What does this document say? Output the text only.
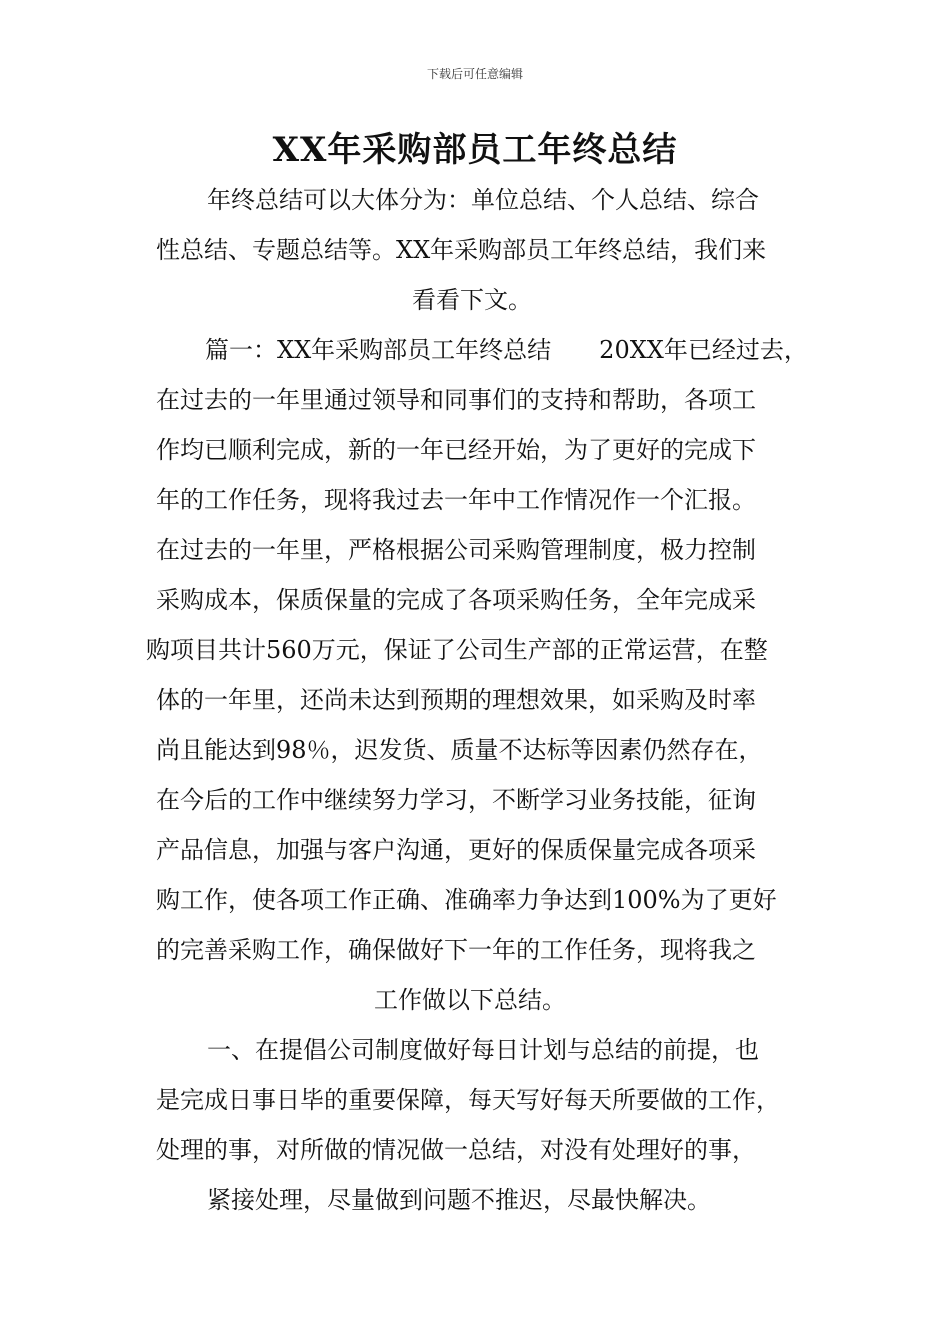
下载后可任意编辑
XX年采购部员工年终总结
年终总结可以大体分为：单位总结、个人总结、综合
性总结、专题总结等。XX年采购部员工年终总结，我们来
看看下文。
篇一：XX年采购部员工年终总结　　20XX年已经过去，
在过去的一年里通过领导和同事们的支持和帮助，各项工
作均已顺利完成，新的一年已经开始，为了更好的完成下
年的工作任务，现将我过去一年中工作情况作一个汇报。
在过去的一年里，严格根据公司采购管理制度，极力控制
采购成本，保质保量的完成了各项采购任务，全年完成采
购项目共计560万元，保证了公司生产部的正常运营，在整
体的一年里，还尚未达到预期的理想效果，如采购及时率
尚且能达到98％，迟发货、质量不达标等因素仍然存在，
在今后的工作中继续努力学习，不断学习业务技能，征询
产品信息，加强与客户沟通，更好的保质保量完成各项采
购工作，使各项工作正确、准确率力争达到100%为了更好
的完善采购工作，确保做好下一年的工作任务，现将我之
工作做以下总结。
一、在提倡公司制度做好每日计划与总结的前提，也
是完成日事日毕的重要保障，每天写好每天所要做的工作，
处理的事，对所做的情况做一总结，对没有处理好的事，
紧接处理，尽量做到问题不推迟，尽最快解决。
